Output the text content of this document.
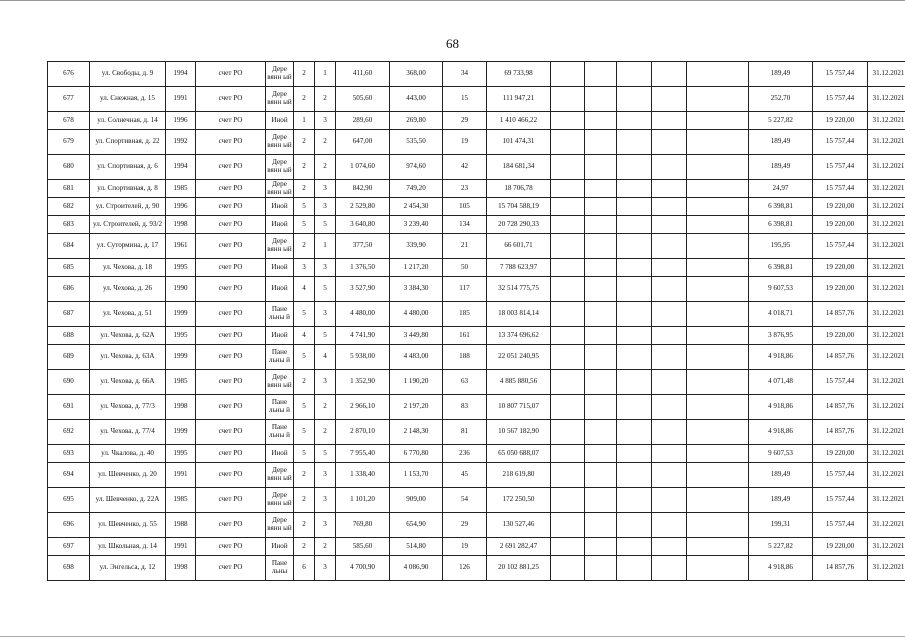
68
676	ул. Свободы, д. 9	1994	счет РО	Дере вянн ый	2	1	411,60	368,00	34	69 733,98						189,49	15 757,44	31.12.2021
677	ул. Снежная, д. 15	1991	счет РО	Дере вянн ый	2	2	505,60	443,00	15	111 947,21						252,70	15 757,44	31.12.2021
678	ул. Солнечная, д. 14	1996	счет РО	Иной	1	3	289,60	269,80	29	1 410 466,22						5 227,82	19 220,00	31.12.2021
679	ул. Спортивная, д. 22	1992	счет РО	Дере вянн ый	2	2	647,00	535,50	19	101 474,31						189,49	15 757,44	31.12.2021
680	ул. Спортивная, д. 6	1994	счет РО	Дере вянн ый	2	2	1 074,60	974,60	42	184 681,34						189,49	15 757,44	31.12.2021
681	ул. Спортивная, д. 8	1985	счет РО	Дере вянн ый	2	3	842,90	749,20	23	18 706,78						24,97	15 757,44	31.12.2021
682	ул. Строителей, д. 90	1996	счет РО	Иной	5	3	2 529,80	2 454,30	105	15 704 588,19						6 398,81	19 220,00	31.12.2021
683	ул. Строителей, д. 93/2	1998	счет РО	Иной	5	5	3 640,80	3 239,40	134	20 728 290,33						6 398,81	19 220,00	31.12.2021
684	ул. Сутормина, д. 17	1961	счет РО	Дере вянн ый	2	1	377,50	339,90	21	66 601,71						195,95	15 757,44	31.12.2021
685	ул. Чехова, д. 18	1995	счет РО	Иной	3	3	1 376,50	1 217,20	50	7 788 623,97						6 398,81	19 220,00	31.12.2021
686	ул. Чехова, д. 26	1990	счет РО	Иной	4	5	3 527,90	3 384,30	117	32 514 775,75						9 607,53	19 220,00	31.12.2021
687	ул. Чехова, д. 51	1999	счет РО	Пане льны й	5	3	4 480,00	4 480,00	185	18 003 814,14						4 018,71	14 857,76	31.12.2021
688	ул. Чехова, д. 62А	1995	счет РО	Иной	4	5	4 741,90	3 449,80	161	13 374 696,62						3 876,95	19 220,00	31.12.2021
689	ул. Чехова, д. 63А	1999	счет РО	Пане льны й	5	4	5 938,00	4 483,00	188	22 051 240,95						4 918,86	14 857,76	31.12.2021
690	ул. Чехова, д. 66А	1985	счет РО	Дере вянн ый	2	3	1 352,90	1 190,20	63	4 885 880,56						4 071,48	15 757,44	31.12.2021
691	ул. Чехова, д. 77/3	1998	счет РО	Пане льны й	5	2	2 966,10	2 197,20	83	10 807 715,07						4 918,86	14 857,76	31.12.2021
692	ул. Чехова, д. 77/4	1999	счет РО	Пане льны й	5	2	2 870,10	2 148,30	81	10 567 182,90						4 918,86	14 857,76	31.12.2021
693	ул. Чкалова, д. 40	1995	счет РО	Иной	5	5	7 955,40	6 770,80	236	65 050 688,07						9 607,53	19 220,00	31.12.2021
694	ул. Шевченко, д. 20	1991	счет РО	Дере вянн ый	2	3	1 338,40	1 153,70	45	218 619,80						189,49	15 757,44	31.12.2021
695	ул. Шевченко, д. 22А	1985	счет РО	Дере вянн ый	2	3	1 101,20	909,00	54	172 250,50						189,49	15 757,44	31.12.2021
696	ул. Шевченко, д. 55	1988	счет РО	Дере вянн ый	2	3	769,80	654,90	29	130 527,46						199,31	15 757,44	31.12.2021
697	ул. Школьная, д. 14	1991	счет РО	Иной	2	2	585,60	514,80	19	2 691 282,47						5 227,82	19 220,00	31.12.2021
698	ул. Энгельса, д. 12	1998	счет РО	Пане льны	6	3	4 700,90	4 086,90	126	20 102 881,25						4 918,86	14 857,76	31.12.2021
